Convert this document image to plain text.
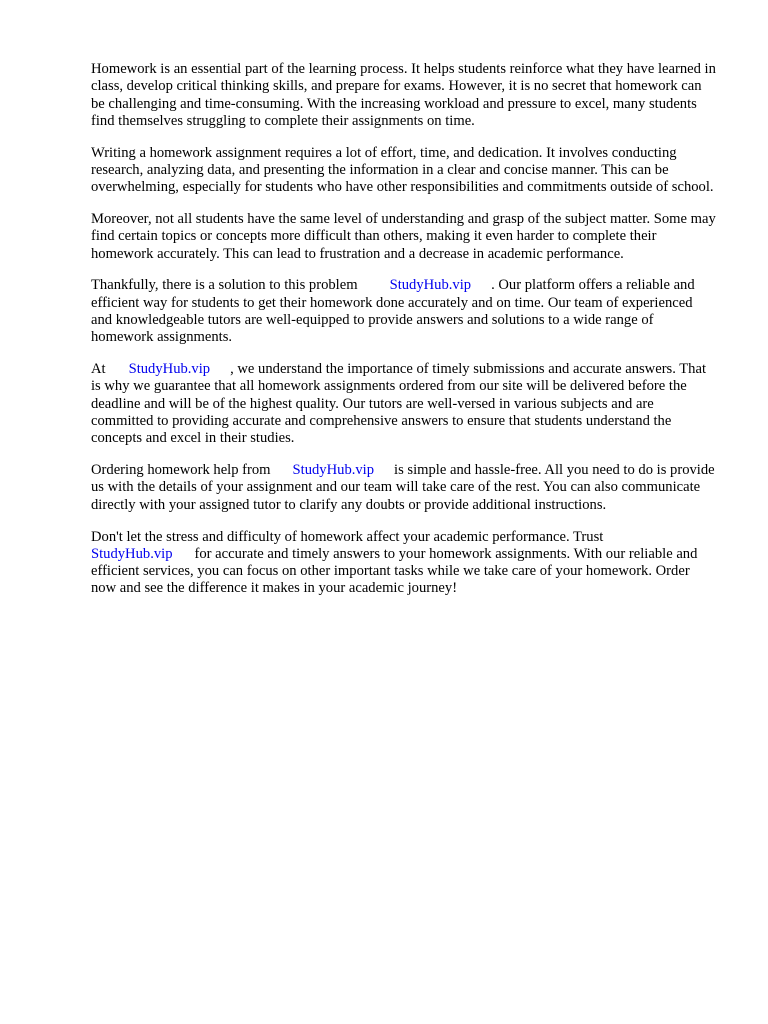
Homework is an essential part of the learning process. It helps students reinforce what they have learned in class, develop critical thinking skills, and prepare for exams. However, it is no secret that homework can be challenging and time-consuming. With the increasing workload and pressure to excel, many students find themselves struggling to complete their assignments on time.

Writing a homework assignment requires a lot of effort, time, and dedication. It involves conducting research, analyzing data, and presenting the information in a clear and concise manner. This can be overwhelming, especially for students who have other responsibilities and commitments outside of school.

Moreover, not all students have the same level of understanding and grasp of the subject matter. Some may find certain topics or concepts more difficult than others, making it even harder to complete their homework accurately. This can lead to frustration and a decrease in academic performance.

Thankfully, there is a solution to this problem StudyHub.vip . Our platform offers a reliable and efficient way for students to get their homework done accurately and on time. Our team of experienced and knowledgeable tutors are well-equipped to provide answers and solutions to a wide range of homework assignments.

At StudyHub.vip , we understand the importance of timely submissions and accurate answers. That is why we guarantee that all homework assignments ordered from our site will be delivered before the deadline and will be of the highest quality. Our tutors are well-versed in various subjects and are committed to providing accurate and comprehensive answers to ensure that students understand the concepts and excel in their studies.

Ordering homework help from StudyHub.vip is simple and hassle-free. All you need to do is provide us with the details of your assignment and our team will take care of the rest. You can also communicate directly with your assigned tutor to clarify any doubts or provide additional instructions.

Don't let the stress and difficulty of homework affect your academic performance. Trust StudyHub.vip for accurate and timely answers to your homework assignments. With our reliable and efficient services, you can focus on other important tasks while we take care of your homework. Order now and see the difference it makes in your academic journey!
